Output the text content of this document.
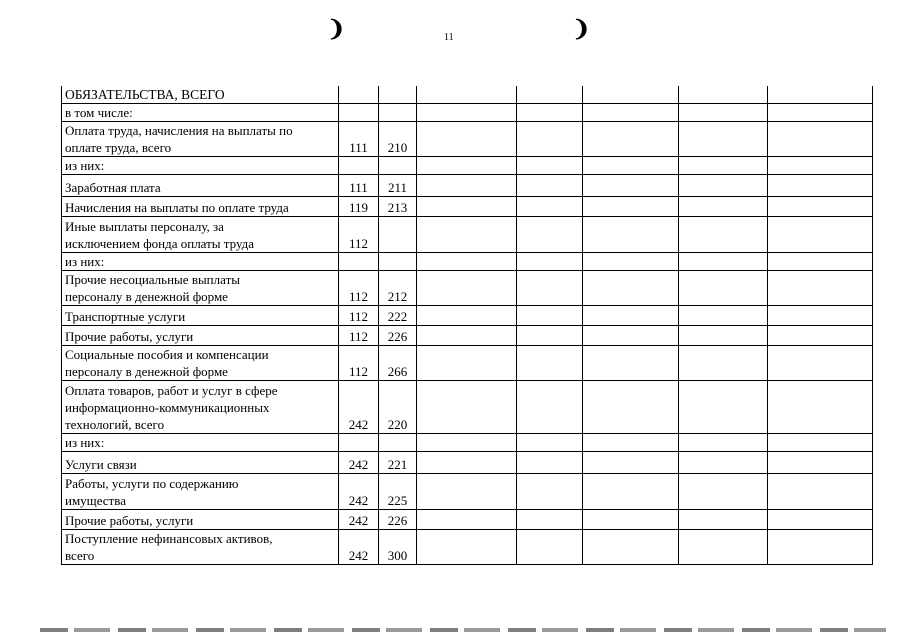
❩	11	❩
ОБЯЗАТЕЛЬСТВА, ВСЕГО							
в том числе:							
Оплата труда, начисления на выплаты по
оплате труда, всего	111	210					
из них:							
Заработная плата	111	211					
Начисления на выплаты по оплате труда	119	213					
Иные выплаты персоналу, за
исключением фонда оплаты труда	112						
из них:							
Прочие несоциальные выплаты
персоналу в денежной форме	112	212					
Транспортные услуги	112	222					
Прочие работы, услуги	112	226					
Социальные пособия и компенсации
персоналу в денежной форме	112	266					
Оплата товаров, работ и услуг в сфере
информационно-коммуникационных
технологий, всего	242	220					
из них:							
Услуги связи	242	221					
Работы, услуги по содержанию
имущества	242	225					
Прочие работы, услуги	242	226					
Поступление нефинансовых активов,
всего	242	300					
